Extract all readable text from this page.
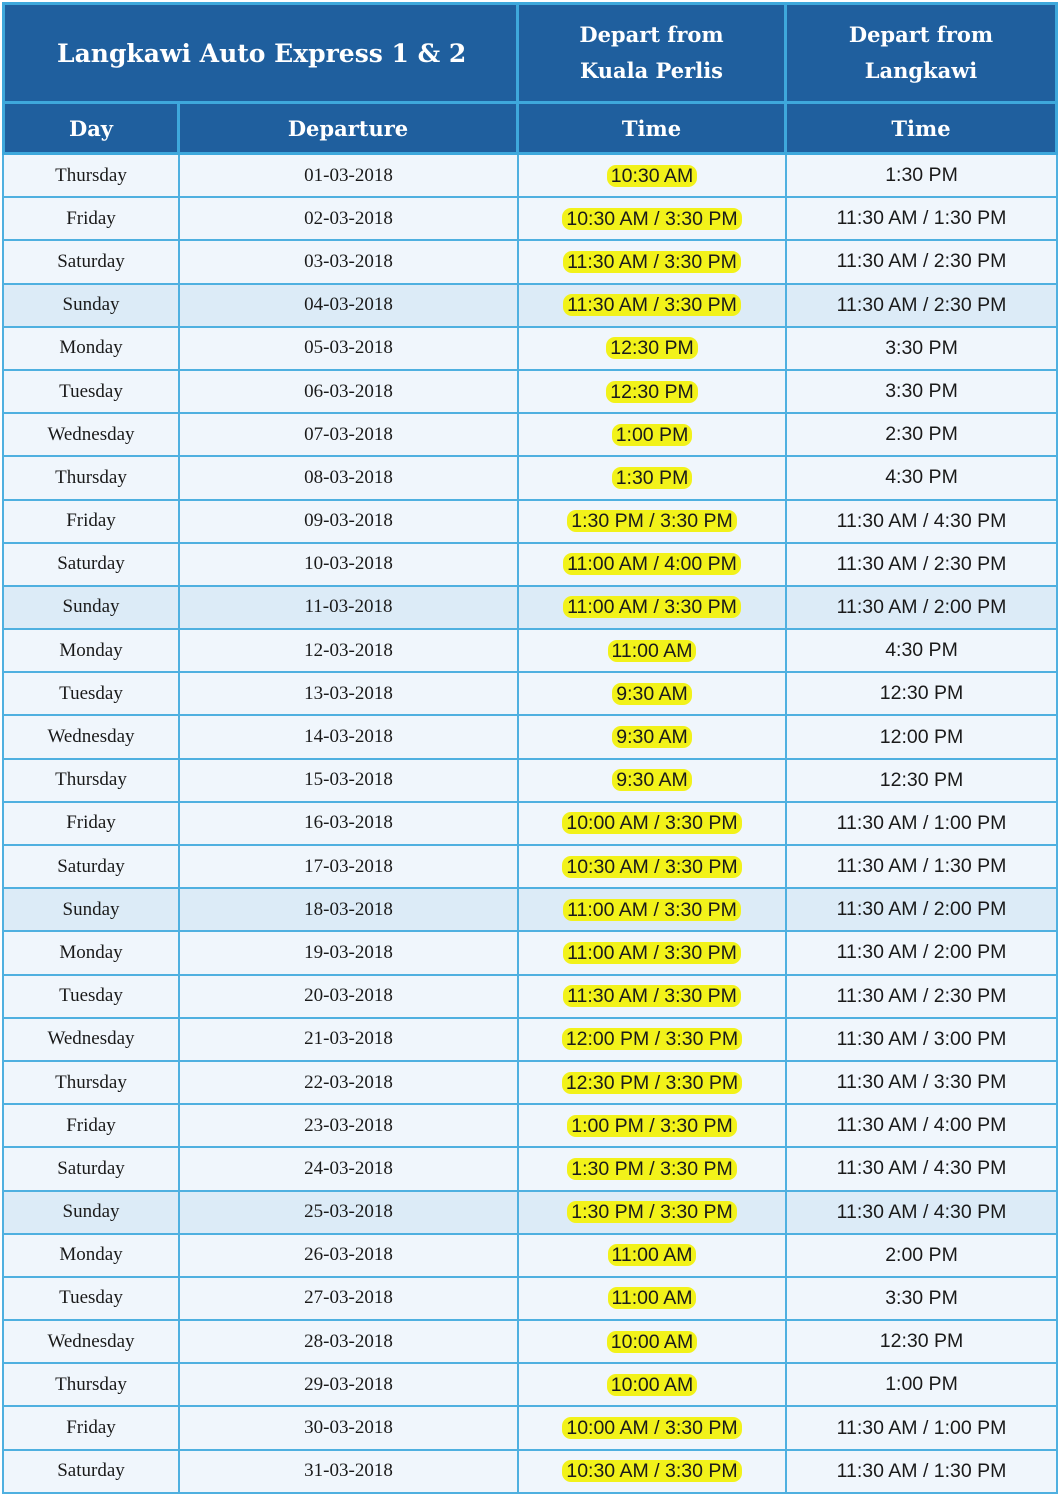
Langkawi Auto Express 1 & 2
Depart from
Kuala Perlis
Depart from
Langkawi
Day	Departure	Time	Time
Thursday	01-03-2018	10:30 AM	1:30 PM
Friday	02-03-2018	10:30 AM / 3:30 PM	11:30 AM / 1:30 PM
Saturday	03-03-2018	11:30 AM / 3:30 PM	11:30 AM / 2:30 PM
Sunday	04-03-2018	11:30 AM / 3:30 PM	11:30 AM / 2:30 PM
Monday	05-03-2018	12:30 PM	3:30 PM
Tuesday	06-03-2018	12:30 PM	3:30 PM
Wednesday	07-03-2018	1:00 PM	2:30 PM
Thursday	08-03-2018	1:30 PM	4:30 PM
Friday	09-03-2018	1:30 PM / 3:30 PM	11:30 AM / 4:30 PM
Saturday	10-03-2018	11:00 AM / 4:00 PM	11:30 AM / 2:30 PM
Sunday	11-03-2018	11:00 AM / 3:30 PM	11:30 AM / 2:00 PM
Monday	12-03-2018	11:00 AM	4:30 PM
Tuesday	13-03-2018	9:30 AM	12:30 PM
Wednesday	14-03-2018	9:30 AM	12:00 PM
Thursday	15-03-2018	9:30 AM	12:30 PM
Friday	16-03-2018	10:00 AM / 3:30 PM	11:30 AM / 1:00 PM
Saturday	17-03-2018	10:30 AM / 3:30 PM	11:30 AM / 1:30 PM
Sunday	18-03-2018	11:00 AM / 3:30 PM	11:30 AM / 2:00 PM
Monday	19-03-2018	11:00 AM / 3:30 PM	11:30 AM / 2:00 PM
Tuesday	20-03-2018	11:30 AM / 3:30 PM	11:30 AM / 2:30 PM
Wednesday	21-03-2018	12:00 PM / 3:30 PM	11:30 AM / 3:00 PM
Thursday	22-03-2018	12:30 PM / 3:30 PM	11:30 AM / 3:30 PM
Friday	23-03-2018	1:00 PM / 3:30 PM	11:30 AM / 4:00 PM
Saturday	24-03-2018	1:30 PM / 3:30 PM	11:30 AM / 4:30 PM
Sunday	25-03-2018	1:30 PM / 3:30 PM	11:30 AM / 4:30 PM
Monday	26-03-2018	11:00 AM	2:00 PM
Tuesday	27-03-2018	11:00 AM	3:30 PM
Wednesday	28-03-2018	10:00 AM	12:30 PM
Thursday	29-03-2018	10:00 AM	1:00 PM
Friday	30-03-2018	10:00 AM / 3:30 PM	11:30 AM / 1:00 PM
Saturday	31-03-2018	10:30 AM / 3:30 PM	11:30 AM / 1:30 PM
